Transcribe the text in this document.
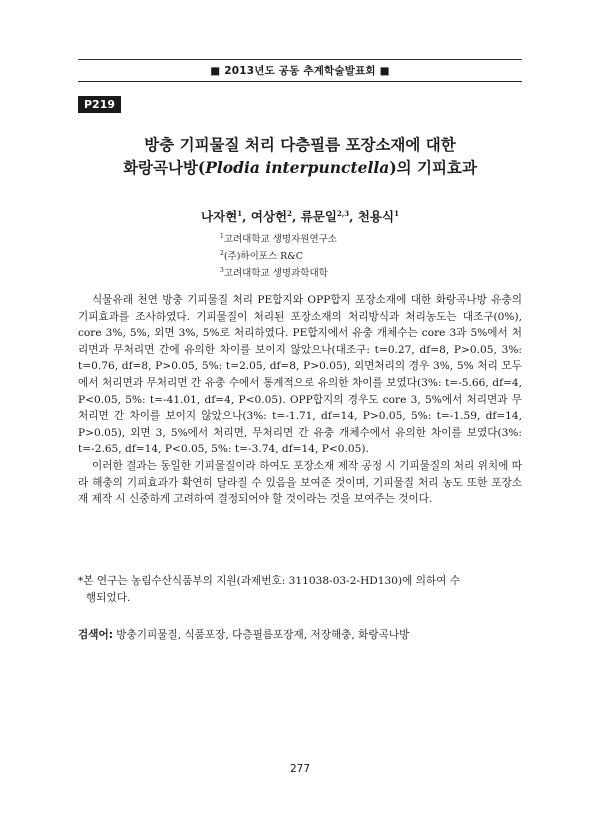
■ 2013년도 공동 추계학술발표회 ■
P219
방충 기피물질 처리 다층필름 포장소재에 대한
화랑곡나방(Plodia interpunctella)의 기피효과
나자현$^1$, 여상헌$^2$, 류문일$^{2,3}$, 천용식$^1$
$^1$고려대학교 생명자원연구소
$^2$(주)하이포스 R&C
$^3$고려대학교 생명과학대학

식물유래 천연 방충 기피물질 처리 PE합지와 OPP합지 포장소재에 대한 화랑곡나방 유충의 기피효과를 조사하였다. 기피물질이 처리된 포장소재의 처리방식과 처리농도는 대조구(0%), core 3%, 5%, 외면 3%, 5%로 처리하였다. PE합지에서 유충 개체수는 core 3과 5%에서 처리면과 무처리면 간에 유의한 차이를 보이지 않았으나(대조구: t=0.27, df=8, P>0.05, 3%: t=0.76, df=8, P>0.05, 5%: t=2.05, df=8, P>0.05), 외면처리의 경우 3%, 5% 처리 모두에서 처리면과 무처리면 간 유충 수에서 통계적으로 유의한 차이를 보였다(3%: t=-5.66, df=4, P<0.05, 5%: t=-41.01, df=4, P<0.05). OPP합지의 경우도 core 3, 5%에서 처리면과 무처리면 간 차이를 보이지 않았으나(3%: t=-1.71, df=14, P>0.05, 5%: t=-1.59, df=14, P>0.05), 외면 3, 5%에서 처리면, 무처리면 간 유충 개체수에서 유의한 차이를 보였다(3%: t=-2.65, df=14, P<0.05, 5%: t=-3.74, df=14, P<0.05).

이러한 결과는 동일한 기피물질이라 하여도 포장소재 제작 공정 시 기피물질의 처리 위치에 따라 해충의 기피효과가 확연히 달라질 수 있음을 보여준 것이며, 기피물질 처리 농도 또한 포장소재 제작 시 신중하게 고려하여 결정되어야 할 것이라는 것을 보여주는 것이다.

*본 연구는 농림수산식품부의 지원(과제번호: 311038-03-2-HD130)에 의하여 수
행되었다.
검색어: 방충기피물질, 식품포장, 다층필름포장재, 저장해충, 화랑곡나방
277
